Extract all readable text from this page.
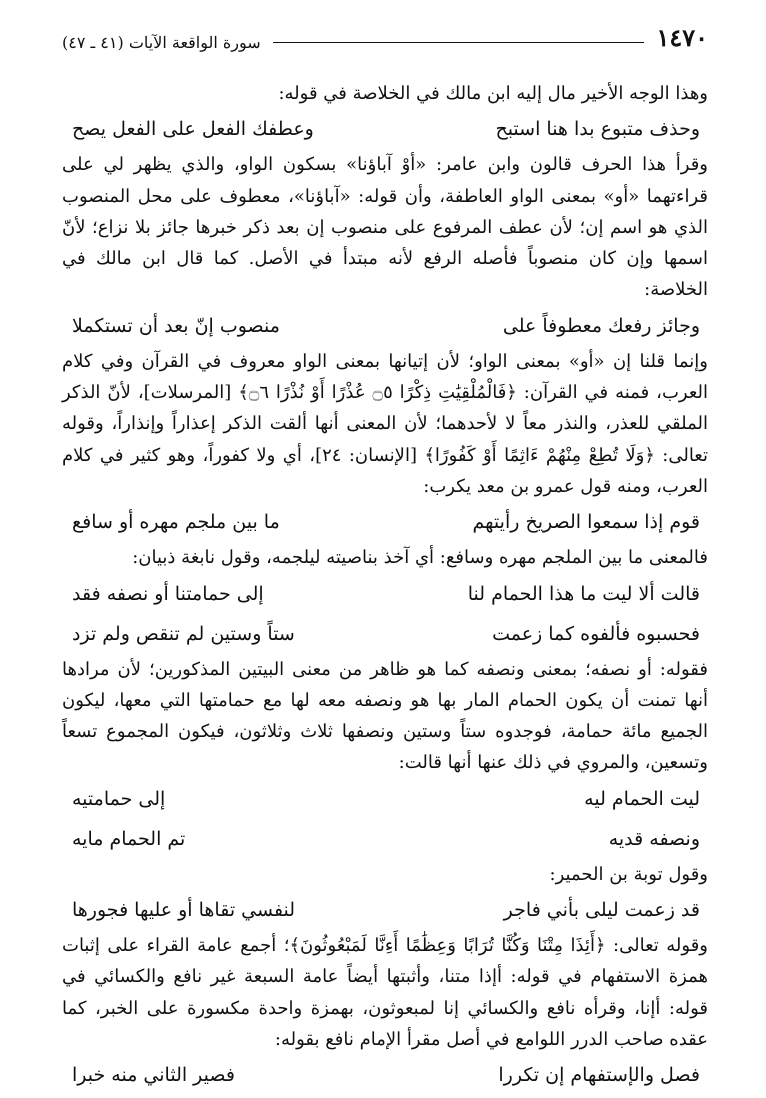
١٤٧٠
سورة الواقعة الآيات (٤١ ـ ٤٧)

وهذا الوجه الأخير مال إليه ابن مالك في الخلاصة في قوله:

وحذف متبوع بدا هنا استبح
وعطفك الفعل على الفعل يصح

وقرأ هذا الحرف قالون وابن عامر: «أوْ آباؤنا» بسكون الواو، والذي يظهر لي على قراءتهما «أو» بمعنى الواو العاطفة، وأن قوله: «آباؤنا»، معطوف على محل المنصوب الذي هو اسم إن؛ لأن عطف المرفوع على منصوب إن بعد ذكر خبرها جائز بلا نزاع؛ لأنّ اسمها وإن كان منصوباً فأصله الرفع لأنه مبتدأ في الأصل. كما قال ابن مالك في الخلاصة:

وجائز رفعك معطوفاً على
منصوب إنّ بعد أن تستكملا

وإنما قلنا إن «أو» بمعنى الواو؛ لأن إتيانها بمعنى الواو معروف في القرآن وفي كلام العرب، فمنه في القرآن: ﴿فَالْمُلْقِيَٰتِ ذِكْرًا ۝٥ عُذْرًا أَوْ نُذْرًا ۝٦﴾ [المرسلات]، لأنّ الذكر الملقي للعذر، والنذر معاً لا لأحدهما؛ لأن المعنى أنها ألقت الذكر إعذاراً وإنذاراً، وقوله تعالى: ﴿وَلَا تُطِعْ مِنْهُمْ ءَاثِمًا أَوْ كَفُورًا﴾ [الإنسان: ٢٤]، أي ولا كفوراً، وهو كثير في كلام العرب، ومنه قول عمرو بن معد يكرب:

قوم إذا سمعوا الصريخ رأيتهم
ما بين ملجم مهره أو سافع

فالمعنى ما بين الملجم مهره وسافع: أي آخذ بناصيته ليلجمه، وقول نابغة ذبيان:

قالت ألا ليت ما هذا الحمام لنا
إلى حمامتنا أو نصفه فقد
فحسبوه فألفوه كما زعمت
ستاً وستين لم تنقص ولم تزد

فقوله: أو نصفه؛ بمعنى ونصفه كما هو ظاهر من معنى البيتين المذكورين؛ لأن مرادها أنها تمنت أن يكون الحمام المار بها هو ونصفه معه لها مع حمامتها التي معها، ليكون الجميع مائة حمامة، فوجدوه ستاً وستين ونصفها ثلاث وثلاثون، فيكون المجموع تسعاً وتسعين، والمروي في ذلك عنها أنها قالت:

ليت الحمام ليه
إلى حمامتيه
ونصفه قديه
تم الحمام مايه

وقول توبة بن الحمير:

قد زعمت ليلى بأني فاجر
لنفسي تقاها أو عليها فجورها

وقوله تعالى: ﴿أَئِذَا مِتْنَا وَكُنَّا تُرَابًا وَعِظَٰمًا أَءِنَّا لَمَبْعُوثُونَ﴾؛ أجمع عامة القراء على إثبات همزة الاستفهام في قوله: أإذا متنا، وأثبتها أيضاً عامة السبعة غير نافع والكسائي في قوله: أإنا، وقرأه نافع والكسائي إنا لمبعوثون، بهمزة واحدة مكسورة على الخبر، كما عقده صاحب الدرر اللوامع في أصل مقرأ الإمام نافع بقوله:

فصل والإستفهام إن تكررا
فصير الثاني منه خبرا
